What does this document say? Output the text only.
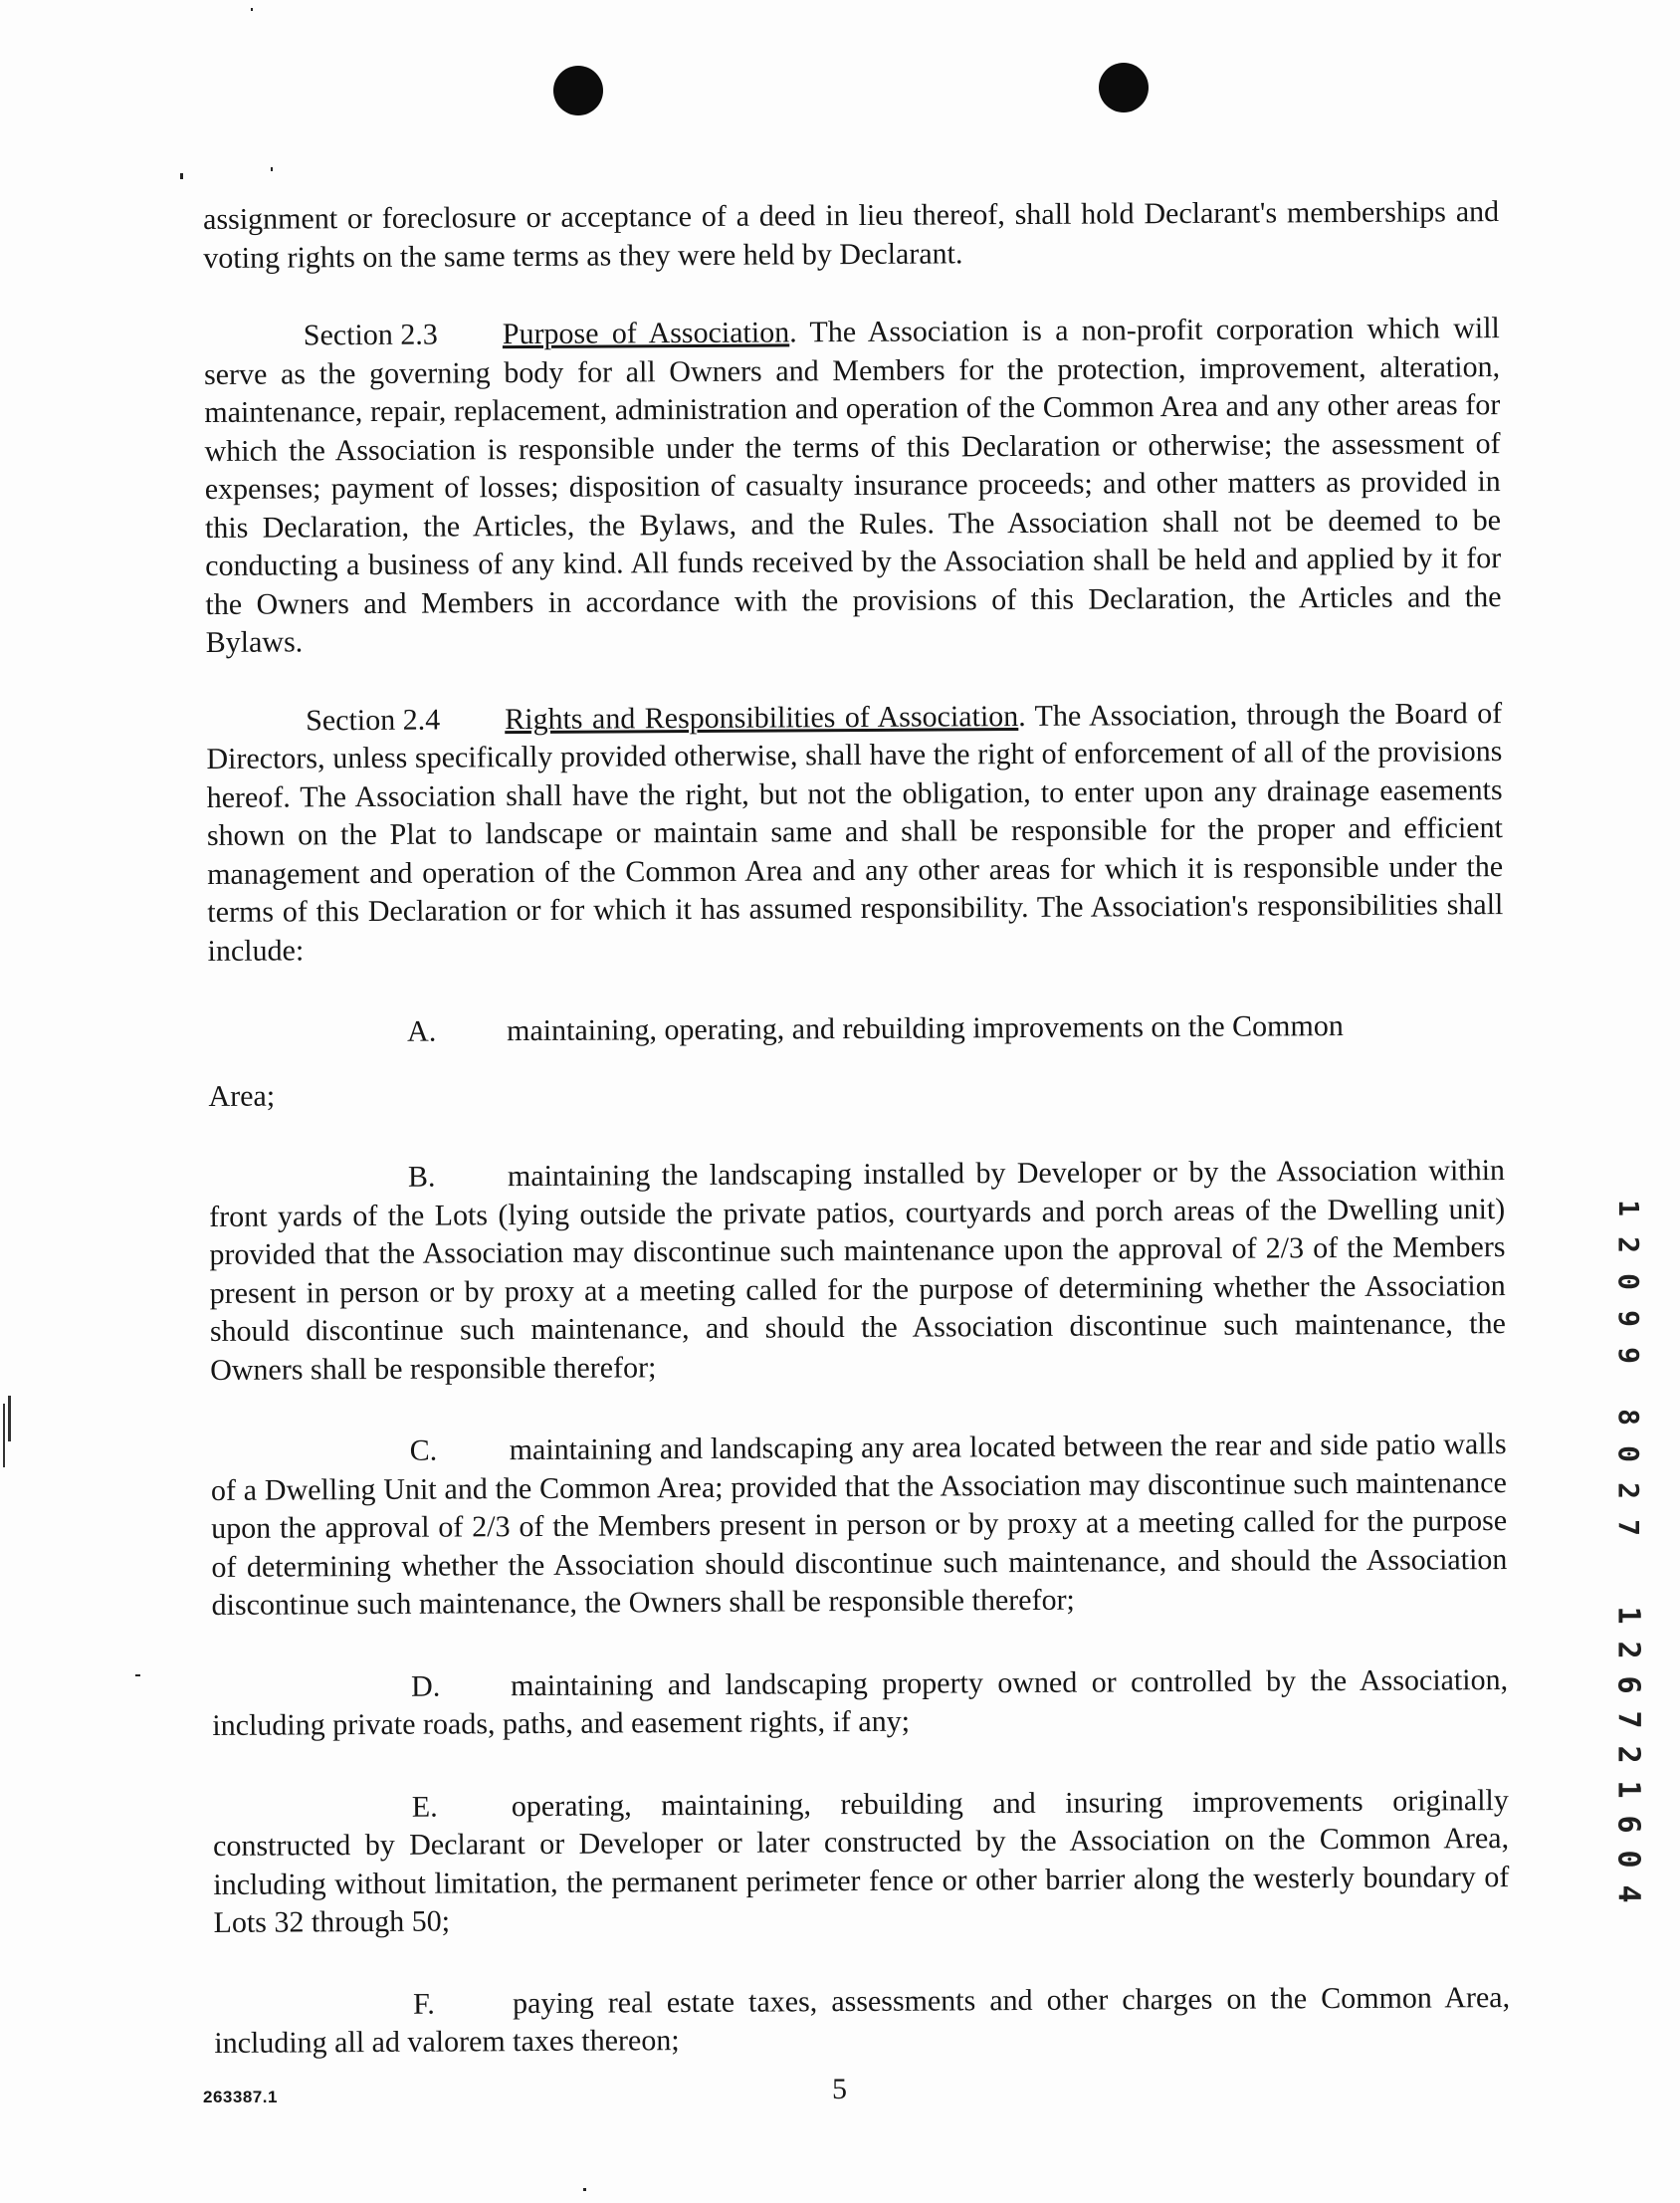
assignment or foreclosure or acceptance of a deed in lieu thereof, shall hold Declarant's memberships and voting rights on the same terms as they were held by Declarant.

Section 2.3 Purpose of Association. The Association is a non-profit corporation which will serve as the governing body for all Owners and Members for the protection, improvement, alteration, maintenance, repair, replacement, administration and operation of the Common Area and any other areas for which the Association is responsible under the terms of this Declaration or otherwise; the assessment of expenses; payment of losses; disposition of casualty insurance proceeds; and other matters as provided in this Declaration, the Articles, the Bylaws, and the Rules. The Association shall not be deemed to be conducting a business of any kind. All funds received by the Association shall be held and applied by it for the Owners and Members in accordance with the provisions of this Declaration, the Articles and the Bylaws.

Section 2.4 Rights and Responsibilities of Association. The Association, through the Board of Directors, unless specifically provided otherwise, shall have the right of enforcement of all of the provisions hereof. The Association shall have the right, but not the obligation, to enter upon any drainage easements shown on the Plat to landscape or maintain same and shall be responsible for the proper and efficient management and operation of the Common Area and any other areas for which it is responsible under the terms of this Declaration or for which it has assumed responsibility. The Association's responsibilities shall include:

A. maintaining, operating, and rebuilding improvements on the Common
Area;

B. maintaining the landscaping installed by Developer or by the Association within front yards of the Lots (lying outside the private patios, courtyards and porch areas of the Dwelling unit) provided that the Association may discontinue such maintenance upon the approval of 2/3 of the Members present in person or by proxy at a meeting called for the purpose of determining whether the Association should discontinue such maintenance, and should the Association discontinue such maintenance, the Owners shall be responsible therefor;

C. maintaining and landscaping any area located between the rear and side patio walls of a Dwelling Unit and the Common Area; provided that the Association may discontinue such maintenance upon the approval of 2/3 of the Members present in person or by proxy at a meeting called for the purpose of determining whether the Association should discontinue such maintenance, and should the Association discontinue such maintenance, the Owners shall be responsible therefor;

D. maintaining and landscaping property owned or controlled by the Association, including private roads, paths, and easement rights, if any;

E. operating, maintaining, rebuilding and insuring improvements originally constructed by Declarant or Developer or later constructed by the Association on the Common Area, including without limitation, the permanent perimeter fence or other barrier along the westerly boundary of Lots 32 through 50;

F.	paying real estate taxes, assessments and other charges on the Common Area, including all ad valorem taxes thereon;

1
2
0
9
9
8
0
2
7
1
2
6
7
2
1
6
0
4
263387.1	5
